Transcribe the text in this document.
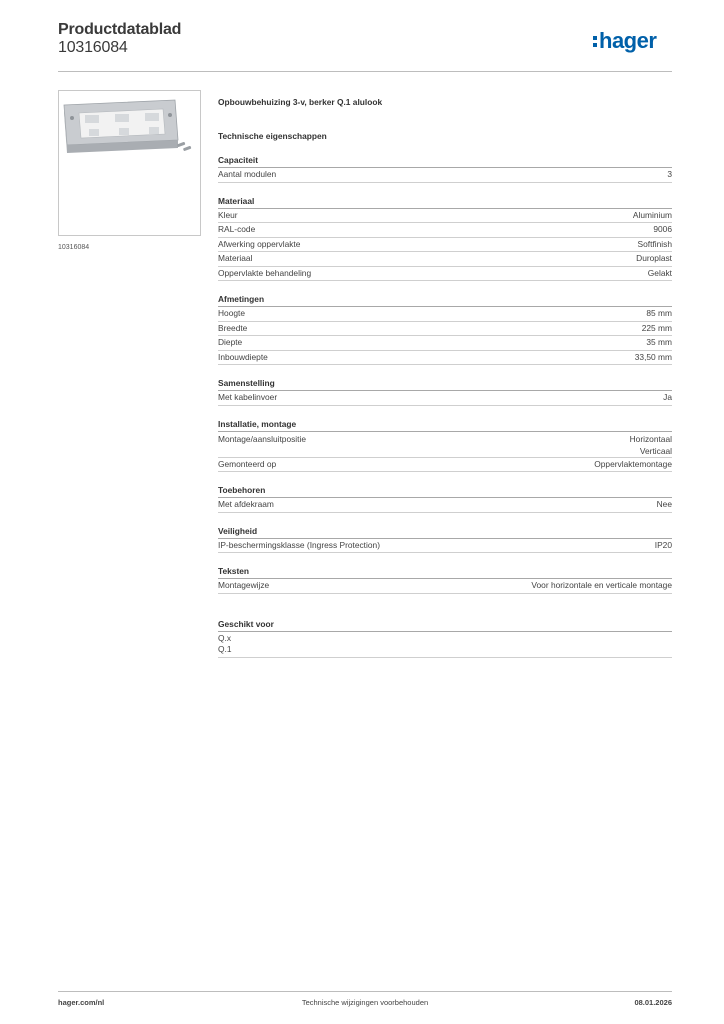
Productdatablad
10316084	hager
10316084
Opbouwbehuizing 3-v, berker Q.1 alulook
Technische eigenschappen
Capaciteit
Aantal modulen	3
Materiaal
Kleur	Aluminium
RAL-code	9006
Afwerking oppervlakte	Softfinish
Materiaal	Duroplast
Oppervlakte behandeling	Gelakt
Afmetingen
Hoogte	85 mm
Breedte	225 mm
Diepte	35 mm
Inbouwdiepte	33,50 mm
Samenstelling
Met kabelinvoer	Ja
Installatie, montage
Montage/aansluitpositie	Horizontaal
Verticaal
Gemonteerd op	Oppervlaktemontage
Toebehoren
Met afdekraam	Nee
Veiligheid
IP-beschermingsklasse (Ingress Protection)	IP20
Teksten
Montagewijze	Voor horizontale en verticale montage
Geschikt voor
Q.x
Q.1
hager.com/nl	Technische wijzigingen voorbehouden	08.01.2026
